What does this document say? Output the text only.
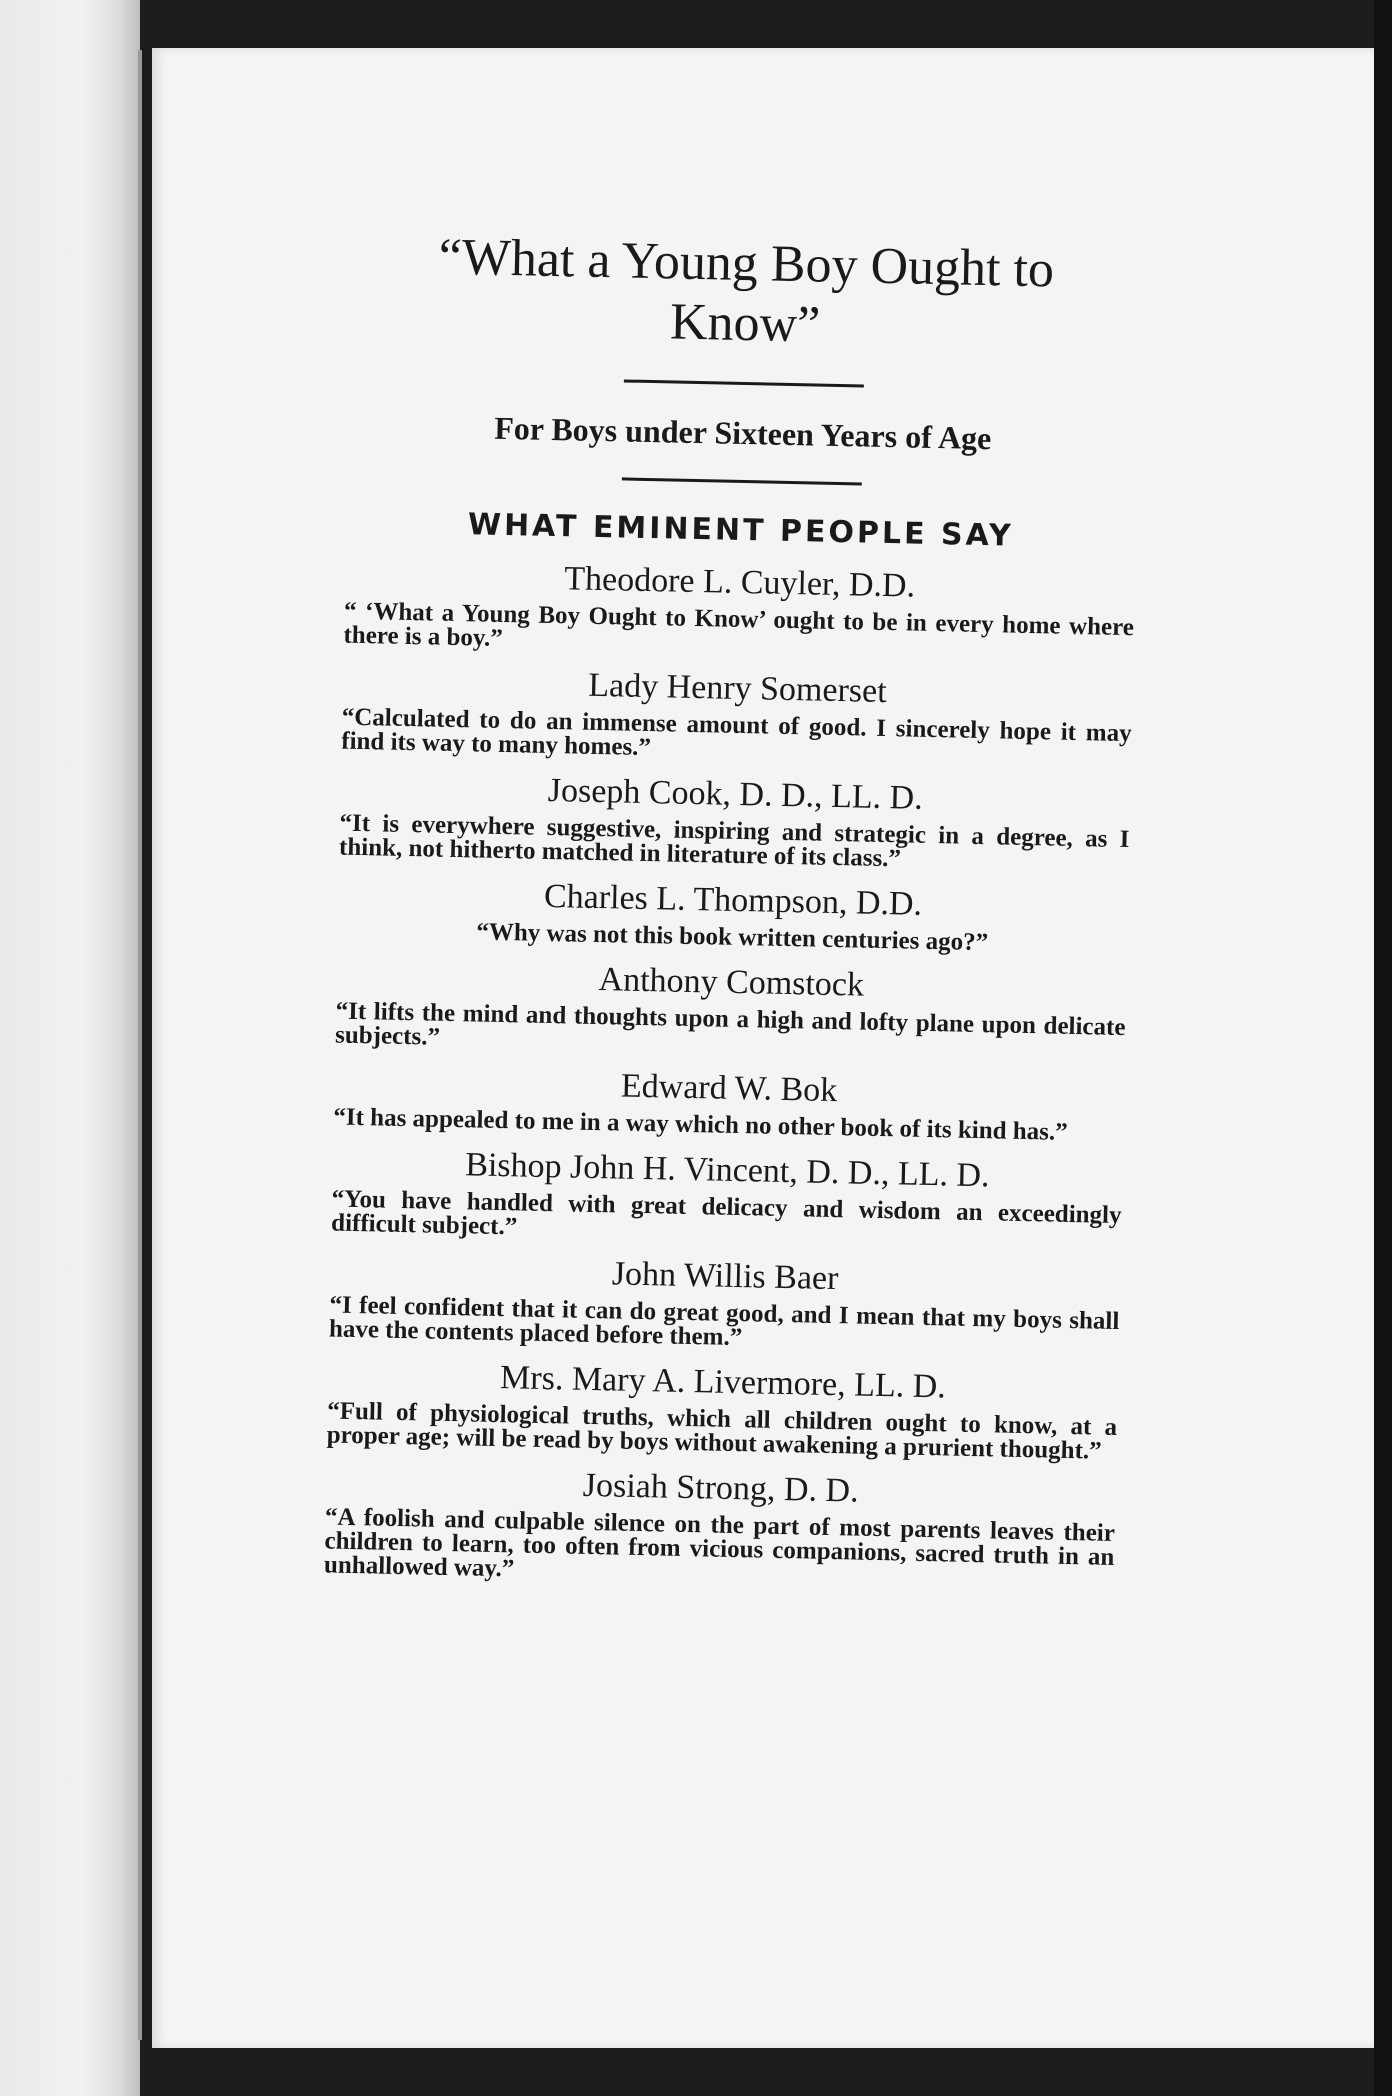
“What a Young Boy Ought to
Know”

For Boys under Sixteen Years of Age

WHAT EMINENT PEOPLE SAY
Theodore L. Cuyler, D.D.

“ ‘What a Young Boy Ought to Know’ ought to be in every home where there is a boy.”

Lady Henry Somerset

“Calculated to do an immense amount of good. I sincerely hope it may find its way to many homes.”

Joseph Cook, D. D., LL. D.

“It is everywhere suggestive, inspiring and strategic in a degree, as I think, not hitherto matched in literature of its class.”

Charles L. Thompson, D.D.

“Why was not this book written centuries ago?”

Anthony Comstock

“It lifts the mind and thoughts upon a high and lofty plane upon delicate subjects.”

Edward W. Bok

“It has appealed to me in a way which no other book of its kind has.”

Bishop John H. Vincent, D. D., LL. D.

“You have handled with great delicacy and wisdom an exceedingly difficult subject.”

John Willis Baer

“I feel confident that it can do great good, and I mean that my boys shall have the contents placed before them.”

Mrs. Mary A. Livermore, LL. D.

“Full of physiological truths, which all children ought to know, at a proper age; will be read by boys without awakening a prurient thought.”

Josiah Strong, D. D.

“A foolish and culpable silence on the part of most parents leaves their children to learn, too often from vicious companions, sacred truth in an unhallowed way.”
